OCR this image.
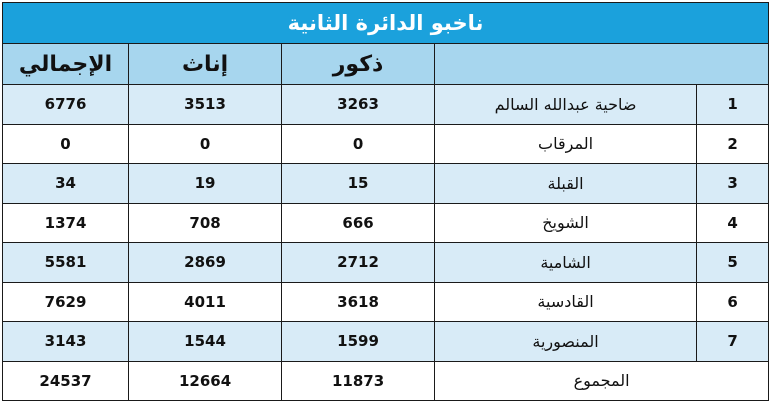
ناخبو الدائرة الثانية				
		ذكور	إناث	الإجمالي
1	ضاحية عبدالله السالم	3263	3513	6776
2	المرقاب	0	0	0
3	القبلة	15	19	34
4	الشويخ	666	708	1374
5	الشامية	2712	2869	5581
6	القادسية	3618	4011	7629
7	المنصورية	1599	1544	3143
المجموع		11873	12664	24537
